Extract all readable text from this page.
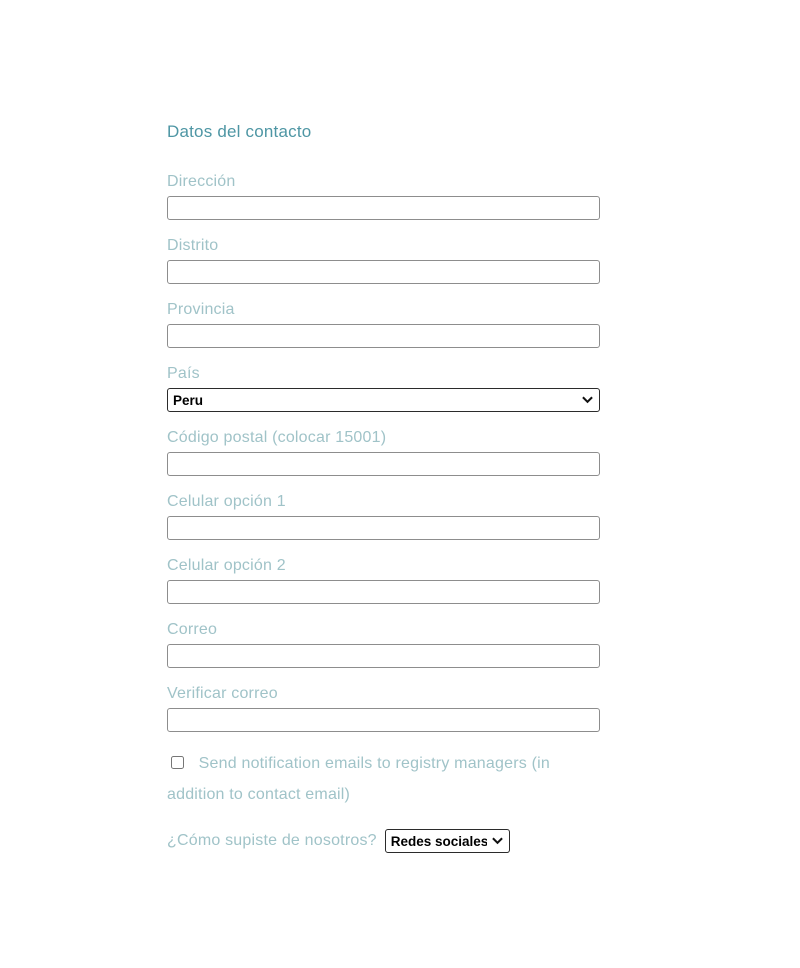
Datos del contacto
Dirección
Distrito
Provincia
País
Peru
Código postal (colocar 15001)
Celular opción 1
Celular opción 2
Correo
Verificar correo
Send notification emails to registry managers (in addition to contact email)
¿Cómo supiste de nosotros?
Redes sociales
